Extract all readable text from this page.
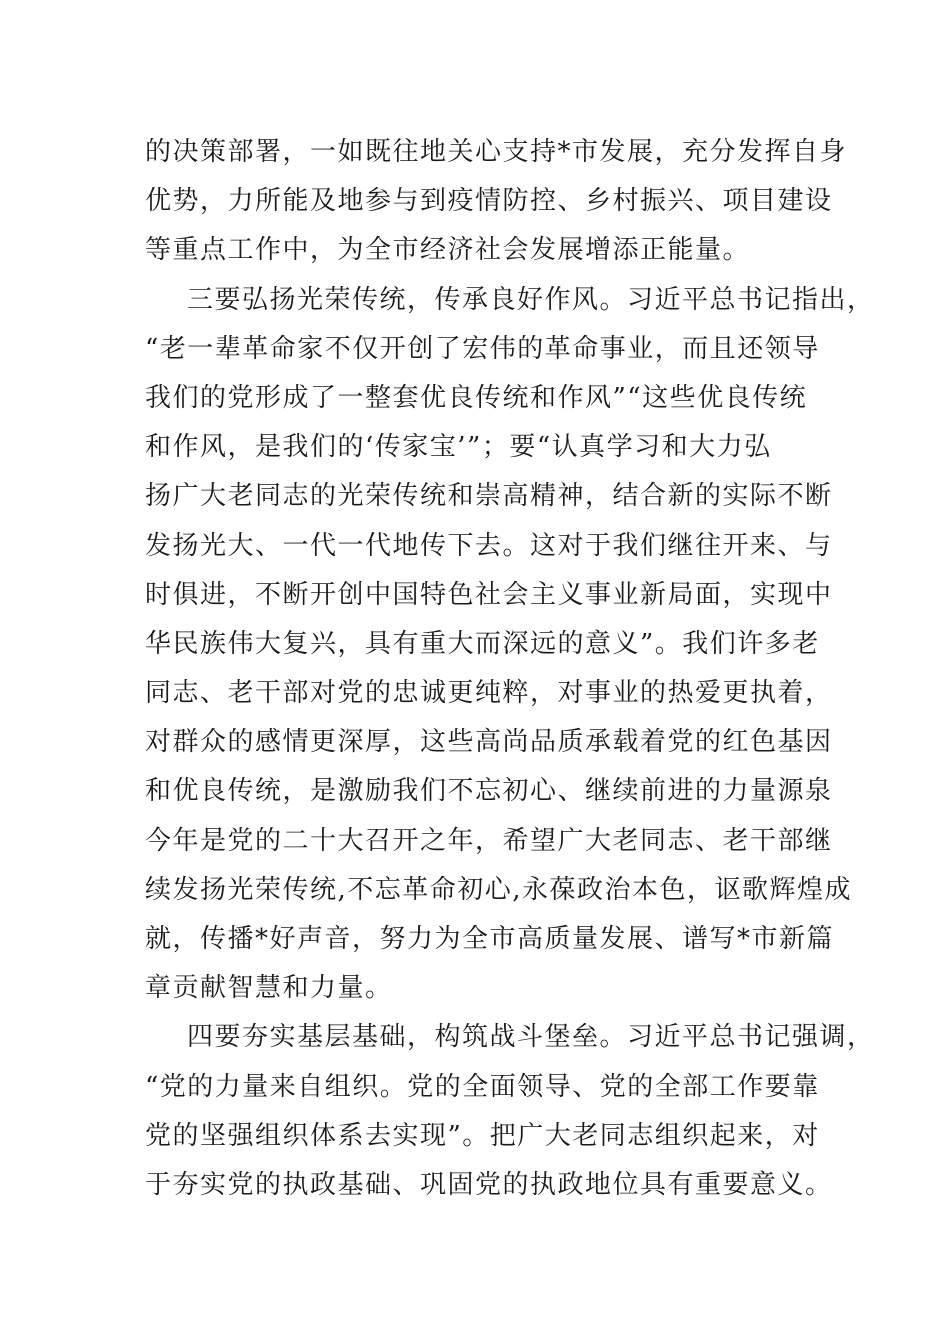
的决策部署，一如既往地关心支持*市发展，充分发挥自身
优势，力所能及地参与到疫情防控、乡村振兴、项目建设
等重点工作中，为全市经济社会发展增添正能量。
三要弘扬光荣传统，传承良好作风。习近平总书记指出，
“老一辈革命家不仅开创了宏伟的革命事业，而且还领导
我们的党形成了一整套优良传统和作风”“这些优良传统
和作风，是我们的‘传家宝’”；要“认真学习和大力弘
扬广大老同志的光荣传统和崇高精神，结合新的实际不断
发扬光大、一代一代地传下去。这对于我们继往开来、与
时俱进，不断开创中国特色社会主义事业新局面，实现中
华民族伟大复兴，具有重大而深远的意义”。我们许多老
同志、老干部对党的忠诚更纯粹，对事业的热爱更执着，
对群众的感情更深厚，这些高尚品质承载着党的红色基因
和优良传统，是激励我们不忘初心、继续前进的力量源泉
今年是党的二十大召开之年，希望广大老同志、老干部继
续发扬光荣传统,不忘革命初心,永葆政治本色，讴歌辉煌成
就，传播*好声音，努力为全市高质量发展、谱写*市新篇
章贡献智慧和力量。
四要夯实基层基础，构筑战斗堡垒。习近平总书记强调，
“党的力量来自组织。党的全面领导、党的全部工作要靠
党的坚强组织体系去实现”。把广大老同志组织起来，对
于夯实党的执政基础、巩固党的执政地位具有重要意义。
